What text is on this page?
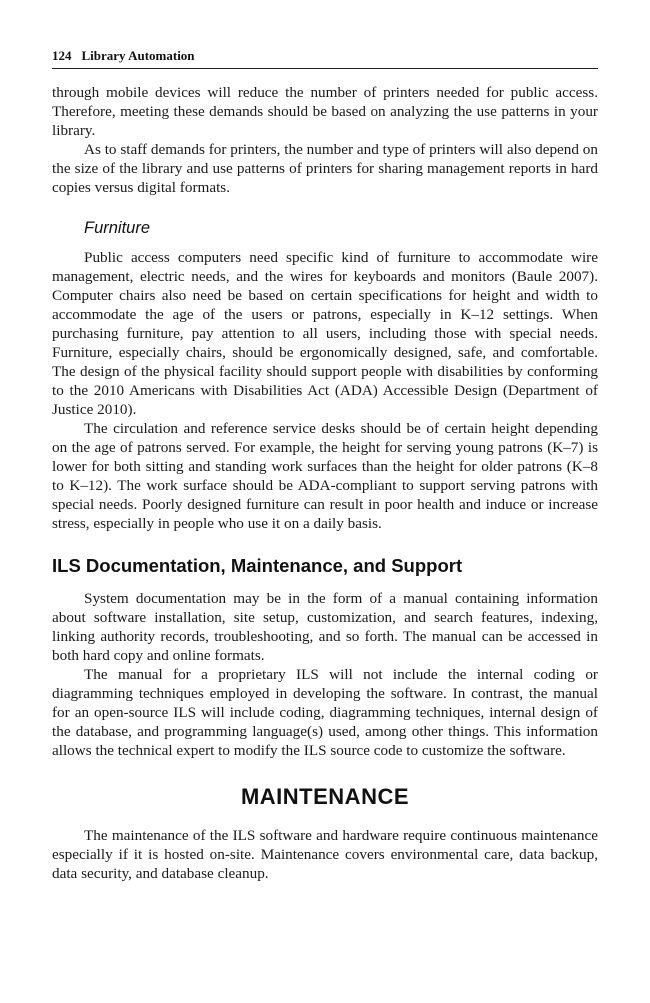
124 Library Automation

through mobile devices will reduce the number of printers needed for public access. Therefore, meeting these demands should be based on analyzing the use patterns in your library.

As to staff demands for printers, the number and type of printers will also depend on the size of the library and use patterns of printers for sharing management reports in hard copies versus digital formats.

Furniture

Public access computers need specific kind of furniture to accommodate wire management, electric needs, and the wires for keyboards and monitors (Baule 2007). Computer chairs also need be based on certain specifications for height and width to accommodate the age of the users or patrons, especially in K–12 settings. When purchasing furniture, pay attention to all users, including those with special needs. Furniture, especially chairs, should be ergonomically designed, safe, and comfortable. The design of the physical facility should support people with disabilities by conforming to the 2010 Americans with Disabilities Act (ADA) Accessible Design (Department of Justice 2010).

The circulation and reference service desks should be of certain height depending on the age of patrons served. For example, the height for serving young patrons (K–7) is lower for both sitting and standing work surfaces than the height for older patrons (K–8 to K–12). The work surface should be ADA-compliant to support serving patrons with special needs. Poorly designed furniture can result in poor health and induce or increase stress, especially in people who use it on a daily basis.

ILS Documentation, Maintenance, and Support

System documentation may be in the form of a manual containing information about software installation, site setup, customization, and search features, indexing, linking authority records, troubleshooting, and so forth. The manual can be accessed in both hard copy and online formats.

The manual for a proprietary ILS will not include the internal coding or diagramming techniques employed in developing the software. In contrast, the manual for an open-source ILS will include coding, diagramming techniques, internal design of the database, and programming language(s) used, among other things. This information allows the technical expert to modify the ILS source code to customize the software.

MAINTENANCE

The maintenance of the ILS software and hardware require continuous maintenance especially if it is hosted on-site. Maintenance covers environmental care, data backup, data security, and database cleanup.
